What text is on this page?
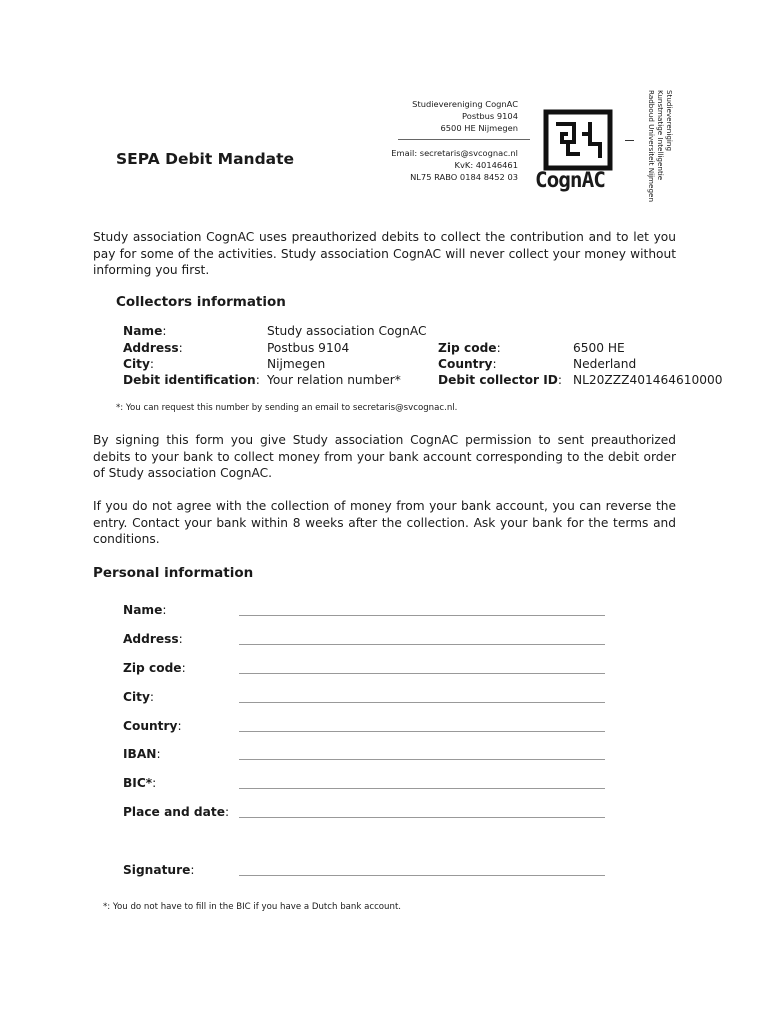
SEPA Debit Mandate
Studievereniging CognAC
Postbus 9104
6500 HE Nijmegen
Email: secretaris@svcognac.nl
KvK: 40146461
NL75 RABO 0184 8452 03 CognAC
Studievereniging
Kunstmatige Intelligentie
Radboud Universiteit Nijmegen
Study association CognAC uses preauthorized debits to collect the contribution and to let you pay for some of the activities. Study association CognAC will never collect your money without informing you first.
Collectors information
Name:	Study association CognAC
Address:	Postbus 9104	Zip code:	6500 HE
City:	Nijmegen	Country:	Nederland
Debit identification: Your relation number*	Debit collector ID: NL20ZZZ401464610000
*: You can request this number by sending an email to secretaris@svcognac.nl.
By signing this form you give Study association CognAC permission to sent preauthorized debits to your bank to collect money from your bank account corresponding to the debit order of Study association CognAC.
If you do not agree with the collection of money from your bank account, you can reverse the entry. Contact your bank within 8 weeks after the collection. Ask your bank for the terms and conditions.
Personal information
Name:
Address:
Zip code:
City:
Country:
IBAN:
BIC*:
Place and date:
Signature:
*: You do not have to fill in the BIC if you have a Dutch bank account.
